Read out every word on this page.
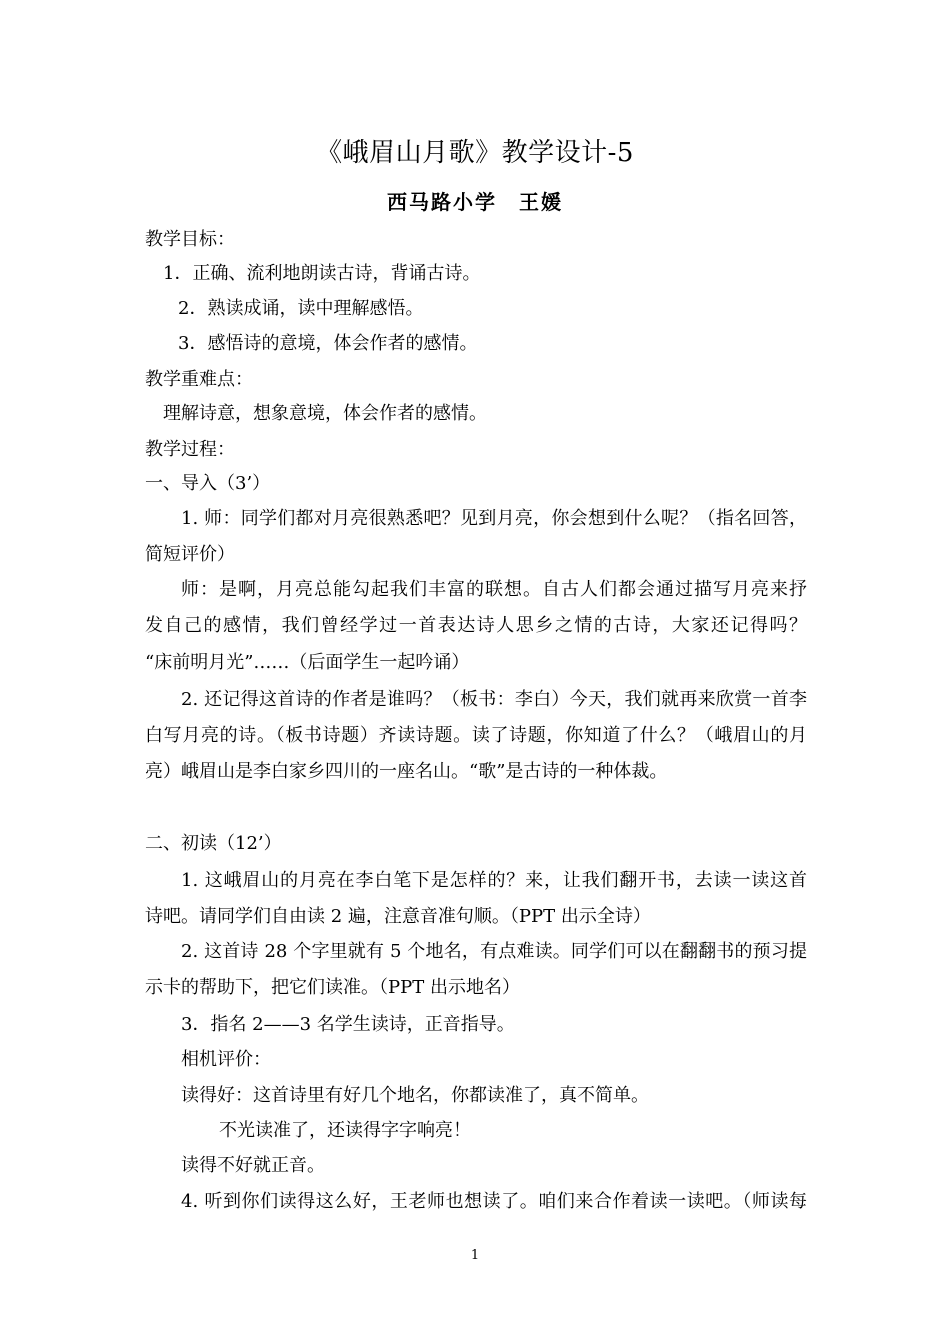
《峨眉山月歌》教学设计-5
西马路小学　王媛
教学目标：
1．正确、流利地朗读古诗，背诵古诗。
2．熟读成诵，读中理解感悟。
3．感悟诗的意境，体会作者的感情。
教学重难点：
理解诗意，想象意境，体会作者的感情。
教学过程：
一、导入（3’）
1. 师：同学们都对月亮很熟悉吧？见到月亮，你会想到什么呢？（指名回答，
简短评价）
师：是啊，月亮总能勾起我们丰富的联想。自古人们都会通过描写月亮来抒
发自己的感情，我们曾经学过一首表达诗人思乡之情的古诗，大家还记得吗？
“床前明月光”……（后面学生一起吟诵）
2. 还记得这首诗的作者是谁吗？（板书：李白）今天，我们就再来欣赏一首李
白写月亮的诗。（板书诗题）齐读诗题。读了诗题，你知道了什么？（峨眉山的月
亮）峨眉山是李白家乡四川的一座名山。“歌”是古诗的一种体裁。
二、初读（12’）
1. 这峨眉山的月亮在李白笔下是怎样的？来，让我们翻开书，去读一读这首
诗吧。请同学们自由读 2 遍，注意音准句顺。（PPT 出示全诗）
2. 这首诗 28 个字里就有 5 个地名，有点难读。同学们可以在翻翻书的预习提
示卡的帮助下，把它们读准。（PPT 出示地名）
3．指名 2——3 名学生读诗，正音指导。
相机评价：
读得好：这首诗里有好几个地名，你都读准了，真不简单。
不光读准了，还读得字字响亮！
读得不好就正音。
4. 听到你们读得这么好，王老师也想读了。咱们来合作着读一读吧。（师读每
1
